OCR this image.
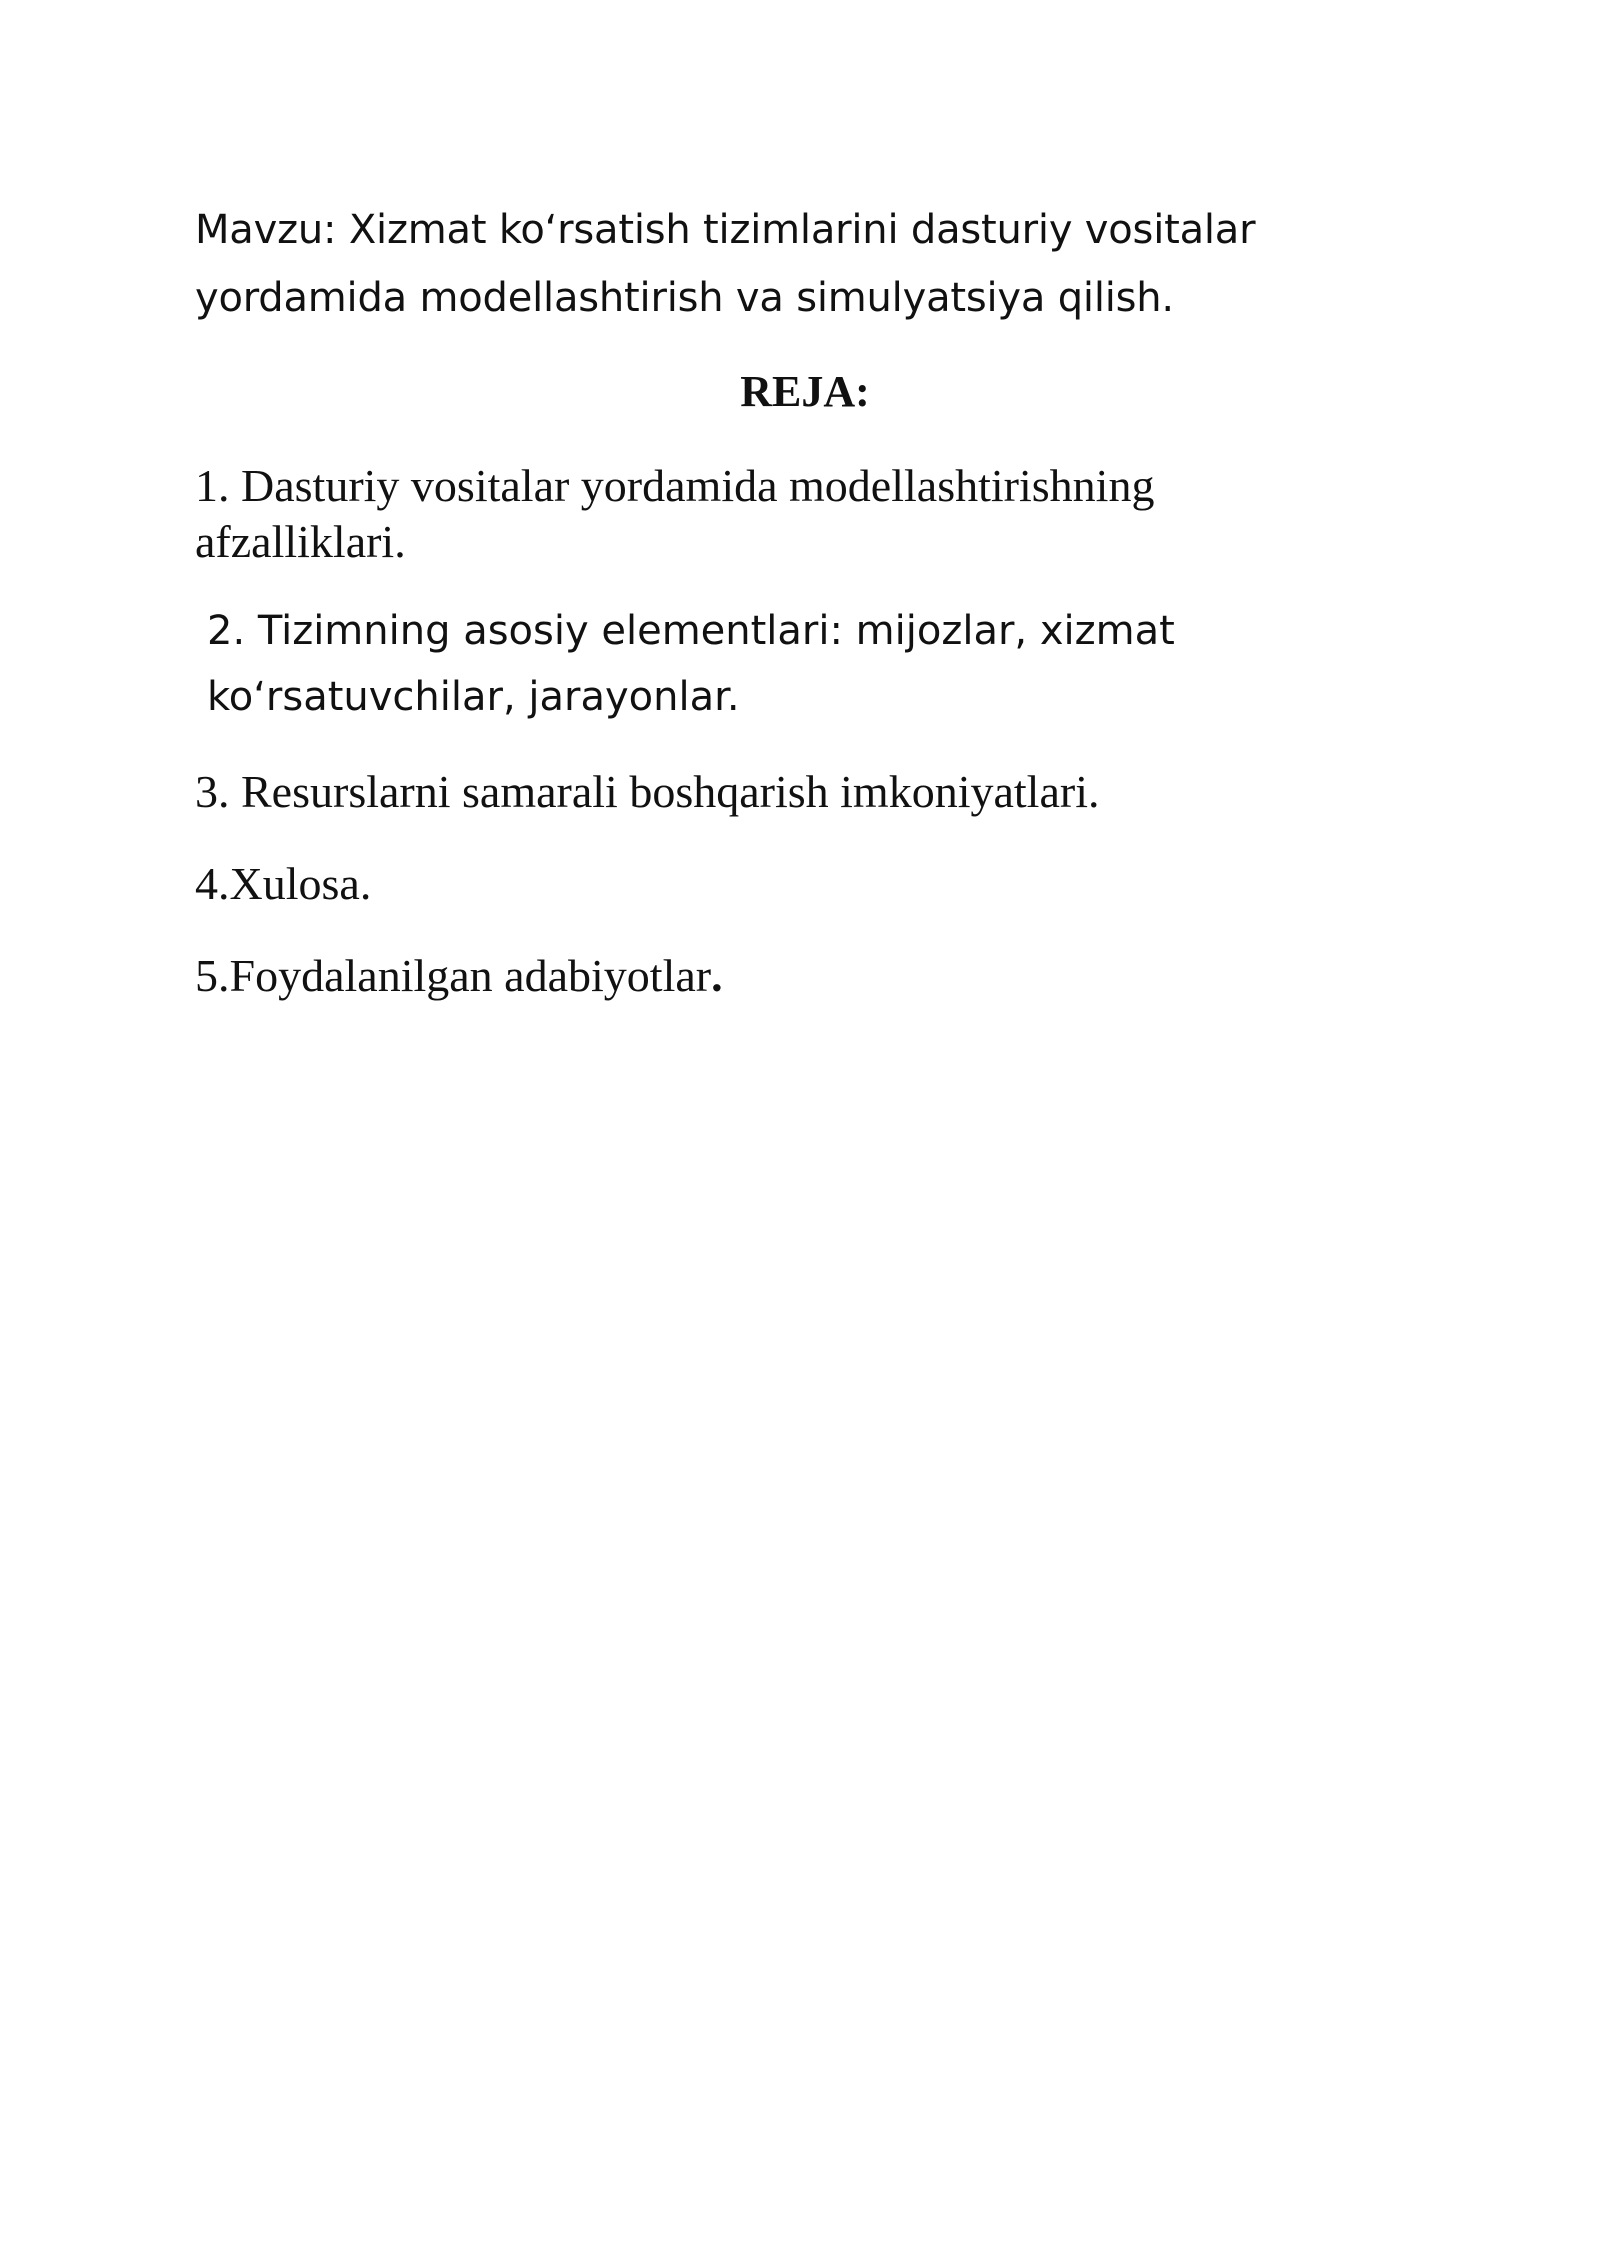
Mavzu: Xizmat koʻrsatish tizimlarini dasturiy vositalar yordamida modellashtirish va simulyatsiya qilish.

REJA:

1. Dasturiy vositalar yordamida modellashtirishning afzalliklari.

2. Tizimning asosiy elementlari: mijozlar, xizmat koʻrsatuvchilar, jarayonlar.

3. Resurslarni samarali boshqarish imkoniyatlari.

4.Xulosa.

5.Foydalanilgan adabiyotlar.
